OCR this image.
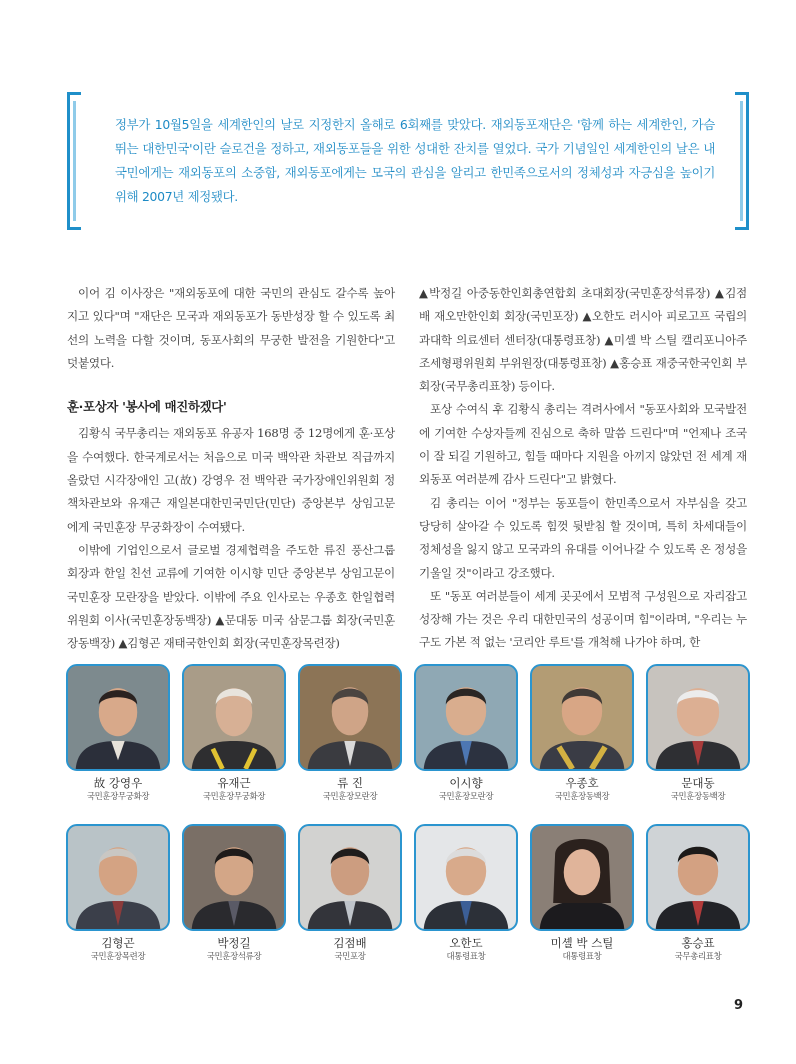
정부가 10월5일을 세계한인의 날로 지정한지 올해로 6회째를 맞았다. 재외동포재단은 '함께 하는 세계한인, 가슴 뛰는 대한민국'이란 슬로건을 정하고, 재외동포들을 위한 성대한 잔치를 열었다. 국가 기념일인 세계한인의 날은 내국민에게는 재외동포의 소중함, 재외동포에게는 모국의 관심을 알리고 한민족으로서의 정체성과 자긍심을 높이기 위해 2007년 제정됐다.

이어 김 이사장은 "재외동포에 대한 국민의 관심도 갈수록 높아지고 있다"며 "재단은 모국과 재외동포가 동반성장 할 수 있도록 최선의 노력을 다할 것이며, 동포사회의 무궁한 발전을 기원한다"고 덧붙였다.

훈·포상자 '봉사에 매진하겠다'

김황식 국무총리는 재외동포 유공자 168명 중 12명에게 훈·포상을 수여했다. 한국계로서는 처음으로 미국 백악관 차관보 직급까지 올랐던 시각장애인 고(故) 강영우 전 백악관 국가장애인위원회 정책차관보와 유재근 재일본대한민국민단(민단) 중앙본부 상임고문에게 국민훈장 무궁화장이 수여됐다.

이밖에 기업인으로서 글로벌 경제협력을 주도한 류진 풍산그룹 회장과 한일 친선 교류에 기여한 이시향 민단 중앙본부 상임고문이 국민훈장 모란장을 받았다. 이밖에 주요 인사로는 우종호 한일협력위원회 이사(국민훈장동백장) ▲문대동 미국 삼문그룹 회장(국민훈장동백장) ▲김형곤 재태국한인회 회장(국민훈장목련장)

▲박정길 아중동한인회총연합회 초대회장(국민훈장석류장) ▲김점배 재오만한인회 회장(국민포장) ▲오한도 러시아 피로고프 국립의과대학 의료센터 센터장(대통령표창) ▲미셸 박 스틸 캘리포니아주 조세형평위원회 부위원장(대통령표창) ▲홍승표 재중국한국인회 부회장(국무총리표창) 등이다.

포상 수여식 후 김황식 총리는 격려사에서 "동포사회와 모국발전에 기여한 수상자들께 진심으로 축하 말씀 드린다"며 "언제나 조국이 잘 되길 기원하고, 힘들 때마다 지원을 아끼지 않았던 전 세계 재외동포 여러분께 감사 드린다"고 밝혔다.

김 총리는 이어 "정부는 동포들이 한민족으로서 자부심을 갖고 당당히 살아갈 수 있도록 힘껏 뒷받침 할 것이며, 특히 차세대들이 정체성을 잃지 않고 모국과의 유대를 이어나갈 수 있도록 온 정성을 기울일 것"이라고 강조했다.

또 "동포 여러분들이 세계 곳곳에서 모범적 구성원으로 자리잡고 성장해 가는 것은 우리 대한민국의 성공이며 힘"이라며, "우리는 누구도 가본 적 없는 '코리안 루트'를 개척해 나가야 하며, 한

故 강영우
국민훈장무궁화장
유재근
국민훈장무궁화장
류 진
국민훈장모란장
이시향
국민훈장모란장
우종호
국민훈장동백장
문대동
국민훈장동백장
김형곤
국민훈장목련장
박정길
국민훈장석류장
김점배
국민포장
오한도
대통령표창
미셸 박 스틸
대통령표창
홍승표
국무총리표창
9
